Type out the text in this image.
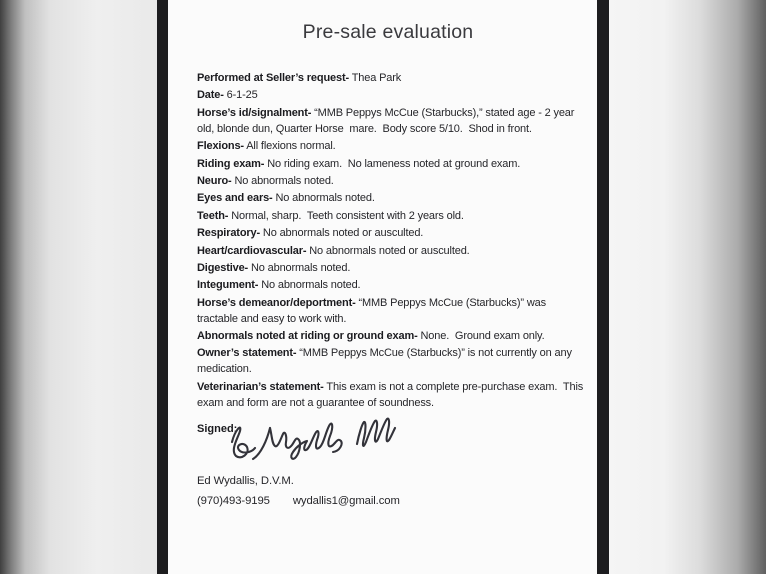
Pre-sale evaluation

Performed at Seller’s request- Thea Park

Date- 6-1-25

Horse’s id/signalment- “MMB Peppys McCue (Starbucks),” stated age - 2 year old, blonde dun, Quarter Horse  mare.  Body score 5/10.  Shod in front.

Flexions- All flexions normal.

Riding exam- No riding exam.  No lameness noted at ground exam.

Neuro- No abnormals noted.

Eyes and ears- No abnormals noted.

Teeth- Normal, sharp.  Teeth consistent with 2 years old.

Respiratory- No abnormals noted or ausculted.

Heart/cardiovascular- No abnormals noted or ausculted.

Digestive- No abnormals noted.

Integument- No abnormals noted.

Horse’s demeanor/deportment- “MMB Peppys McCue (Starbucks)” was tractable and easy to work with.

Abnormals noted at riding or ground exam- None.  Ground exam only.

Owner’s statement- “MMB Peppys McCue (Starbucks)” is not currently on any medication.

Veterinarian’s statement- This exam is not a complete pre-purchase exam.  This exam and form are not a guarantee of soundness.

Signed:

Ed Wydallis, D.V.M.

(970)493-9195 wydallis1@gmail.com
